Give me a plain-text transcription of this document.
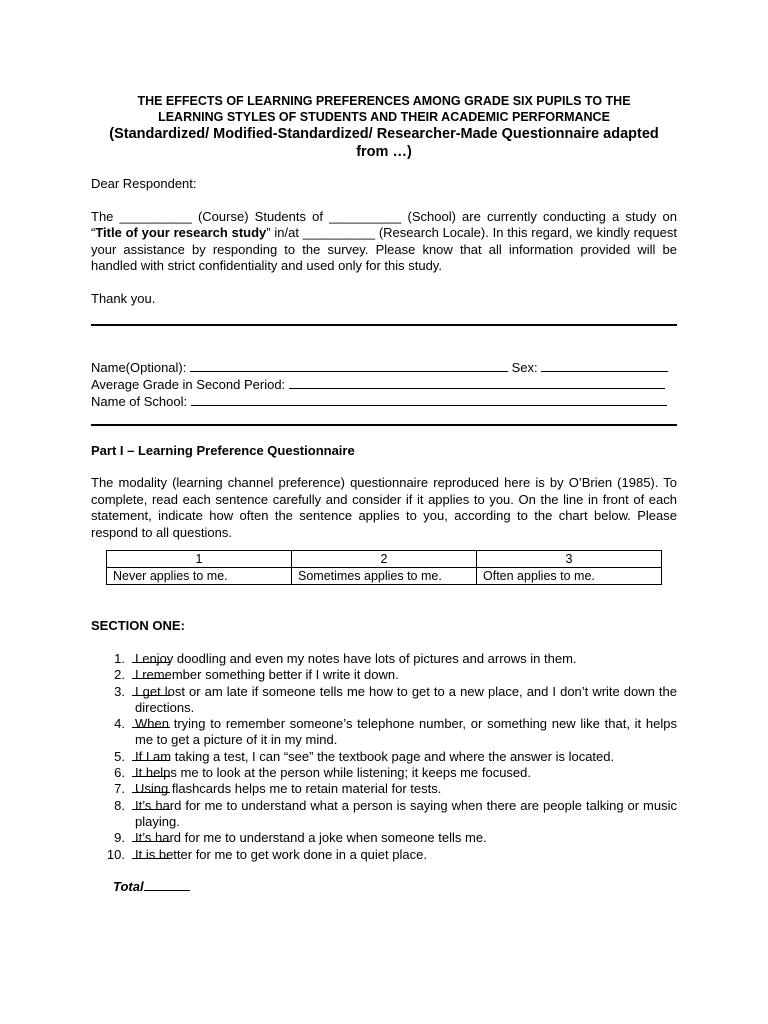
THE EFFECTS OF LEARNING PREFERENCES AMONG GRADE SIX PUPILS TO THE

LEARNING STYLES OF STUDENTS AND THEIR ACADEMIC PERFORMANCE

(Standardized/ Modified-Standardized/ Researcher-Made Questionnaire adapted

from …)

Dear Respondent:

The __________ (Course) Students of __________ (School) are currently conducting a study on “Title of your research study” in/at __________ (Research Locale). In this regard, we kindly request your assistance by responding to the survey. Please know that all information provided will be handled with strict confidentiality and used only for this study.

Thank you.

Name(Optional):	Sex:
Average Grade in Second Period:
Name of School:

Part I – Learning Preference Questionnaire

The modality (learning channel preference) questionnaire reproduced here is by O’Brien (1985). To complete, read each sentence carefully and consider if it applies to you. On the line in front of each statement, indicate how often the sentence applies to you, according to the chart below. Please respond to all questions.

1	2	3
Never applies to me.	Sometimes applies to me.	Often applies to me.

SECTION ONE:

1. I enjoy doodling and even my notes have lots of pictures and arrows in them.
2. I remember something better if I write it down.
3. I get lost or am late if someone tells me how to get to a new place, and I don’t write down the directions.
4. When trying to remember someone’s telephone number, or something new like that, it helps me to get a picture of it in my mind.
5. If I am taking a test, I can “see” the textbook page and where the answer is located.
6. It helps me to look at the person while listening; it keeps me focused.
7. Using flashcards helps me to retain material for tests.
8. It’s hard for me to understand what a person is saying when there are people talking or music playing.
9. It’s hard for me to understand a joke when someone tells me.
10. It is better for me to get work done in a quiet place.
Total
